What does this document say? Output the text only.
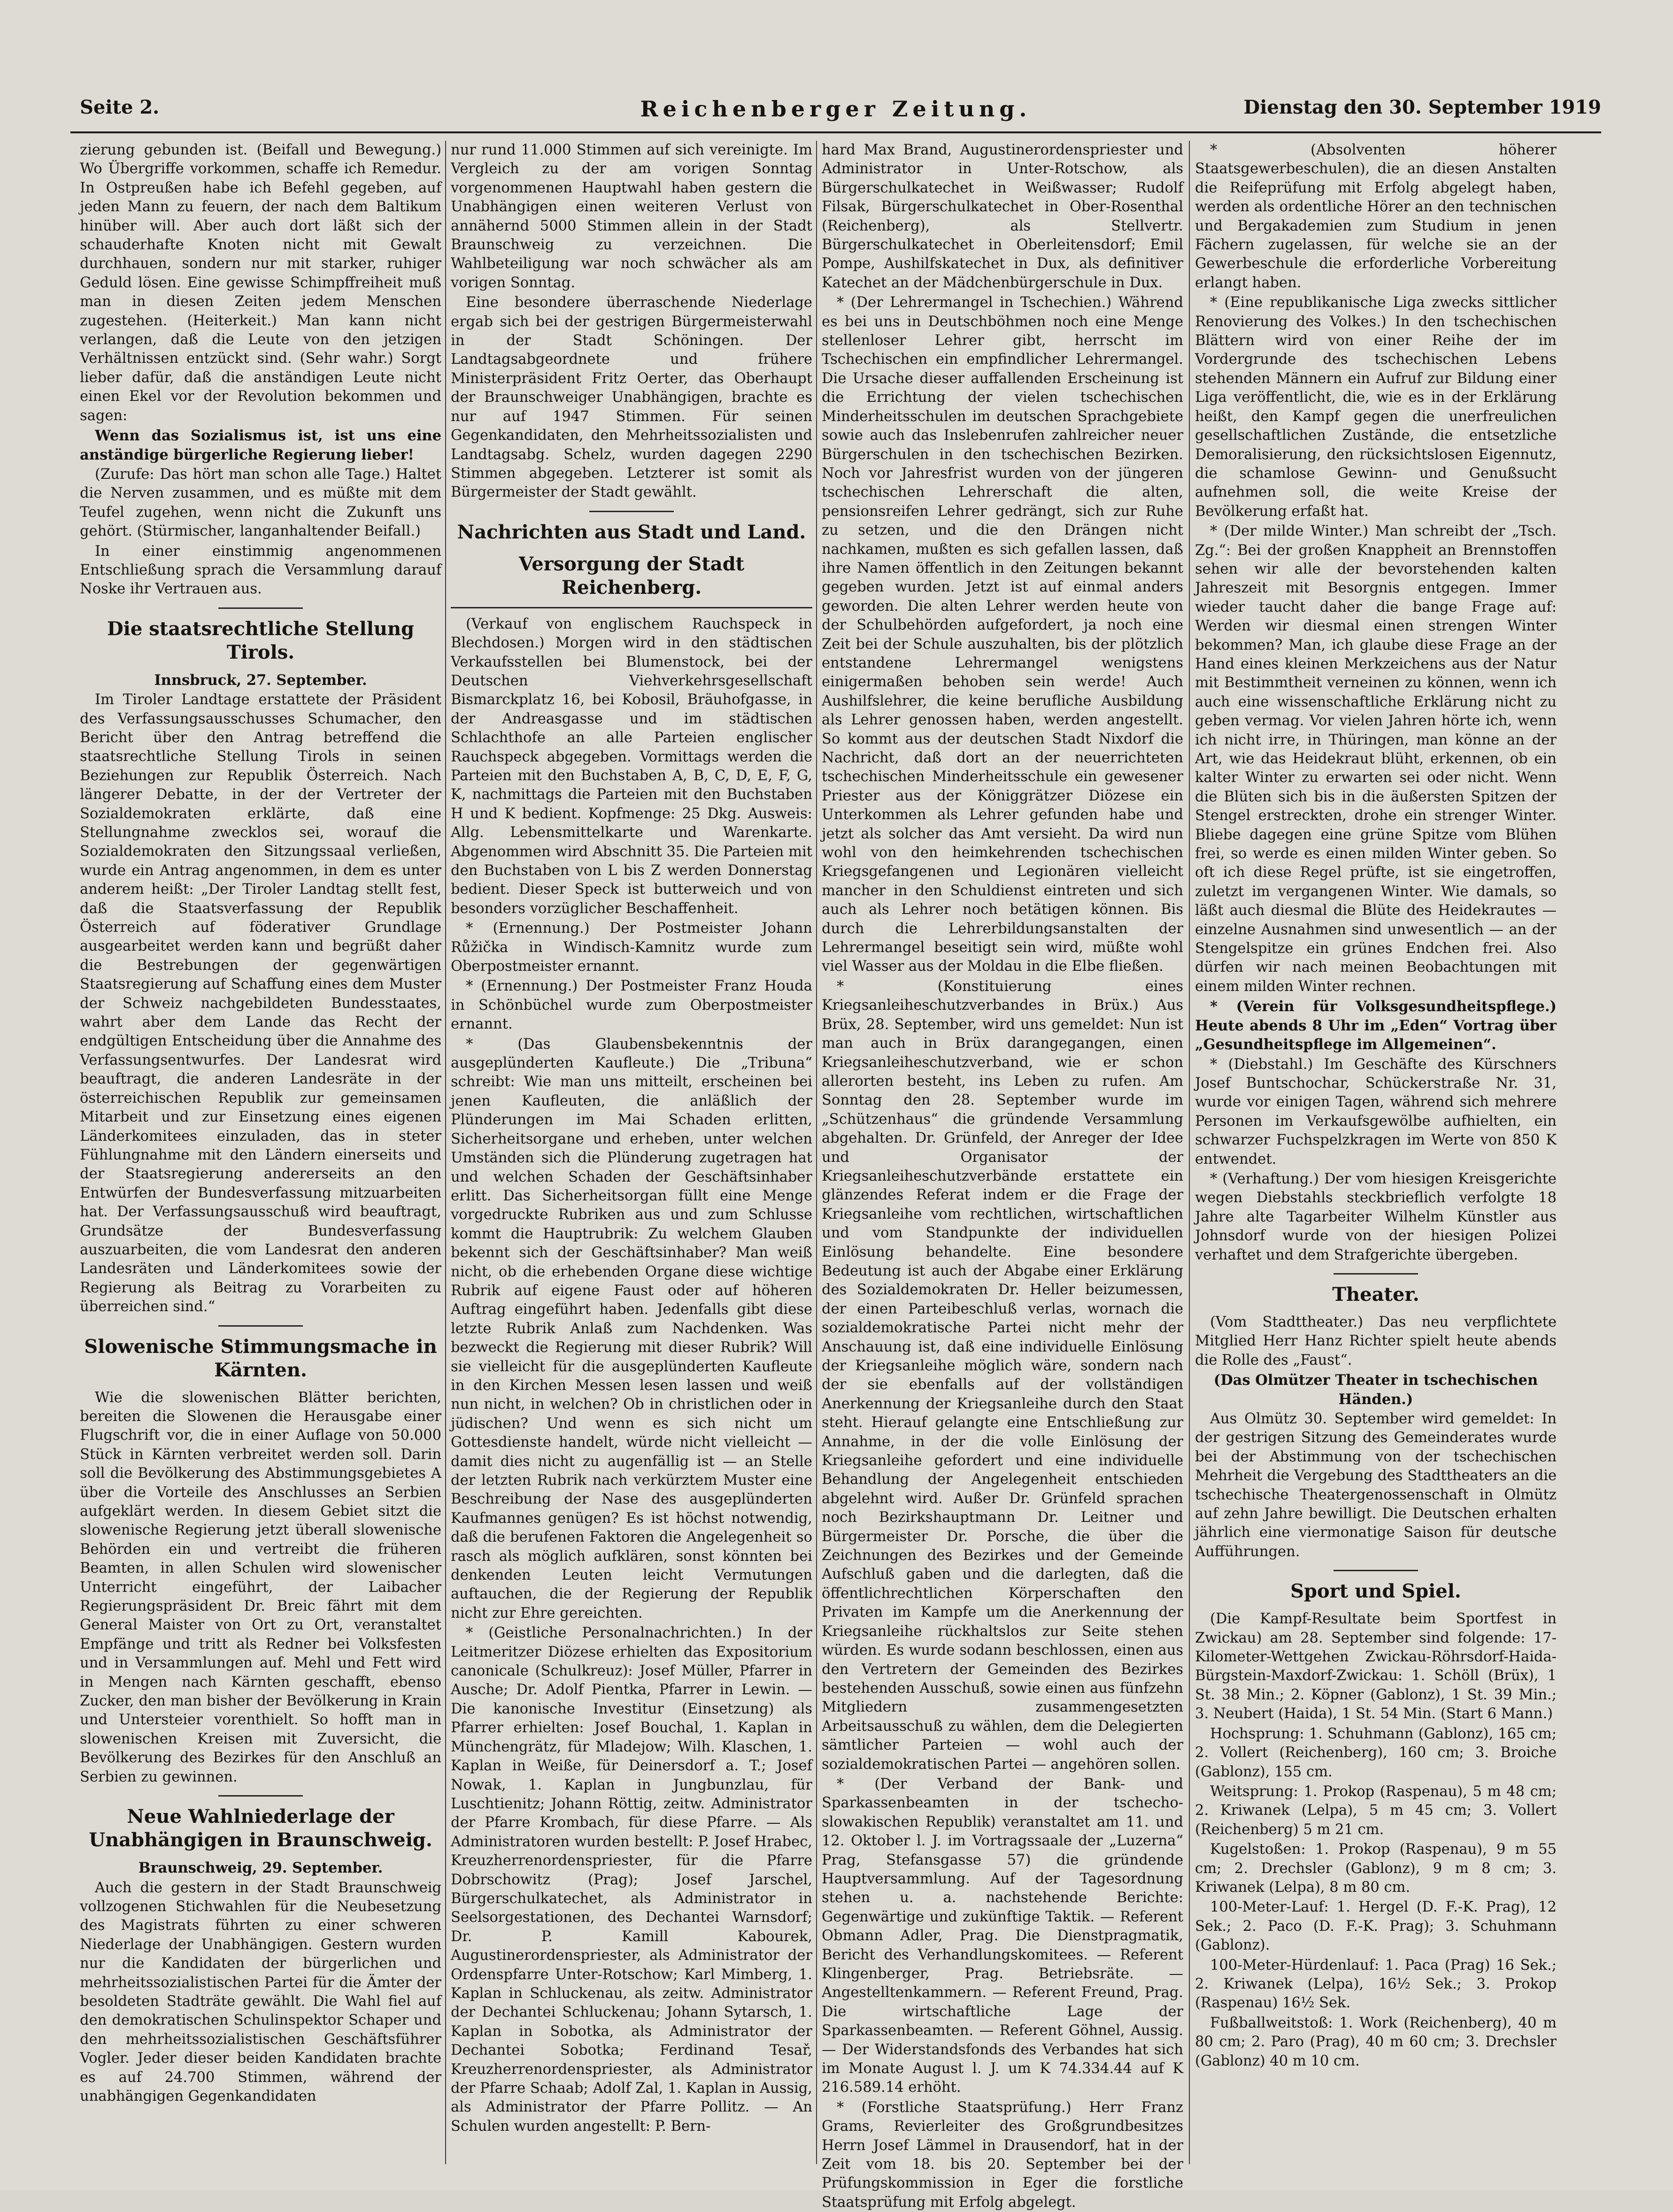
Seite 2.	Reichenberger Zeitung.	Dienstag den 30. September 1919

zierung gebunden ist. (Beifall und Bewegung.) Wo Übergriffe vorkommen, schaffe ich Remedur. In Ostpreußen habe ich Befehl gegeben, auf jeden Mann zu feuern, der nach dem Baltikum hinüber will. Aber auch dort läßt sich der schauderhafte Knoten nicht mit Gewalt durchhauen, sondern nur mit starker, ruhiger Geduld lösen. Eine gewisse Schimpffreiheit muß man in diesen Zeiten jedem Menschen zugestehen. (Heiterkeit.) Man kann nicht verlangen, daß die Leute von den jetzigen Verhältnissen entzückt sind. (Sehr wahr.) Sorgt lieber dafür, daß die anständigen Leute nicht einen Ekel vor der Revolution bekommen und sagen:

Wenn das Sozialismus ist, ist uns eine anständige bürgerliche Regierung lieber!

(Zurufe: Das hört man schon alle Tage.) Haltet die Nerven zusammen, und es müßte mit dem Teufel zugehen, wenn nicht die Zukunft uns gehört. (Stürmischer, langanhaltender Beifall.)

In einer einstimmig angenommenen Entschließung sprach die Versammlung darauf Noske ihr Vertrauen aus.

Die staatsrechtliche Stellung Tirols.

Innsbruck, 27. September.

Im Tiroler Landtage erstattete der Präsident des Verfassungsausschusses Schumacher, den Bericht über den Antrag betreffend die staatsrechtliche Stellung Tirols in seinen Beziehungen zur Republik Österreich. Nach längerer Debatte, in der der Vertreter der Sozialdemokraten erklärte, daß eine Stellungnahme zwecklos sei, worauf die Sozialdemokraten den Sitzungssaal verließen, wurde ein Antrag angenommen, in dem es unter anderem heißt: „Der Tiroler Landtag stellt fest, daß die Staatsverfassung der Republik Österreich auf föderativer Grundlage ausgearbeitet werden kann und begrüßt daher die Bestrebungen der gegenwärtigen Staatsregierung auf Schaffung eines dem Muster der Schweiz nachgebildeten Bundesstaates, wahrt aber dem Lande das Recht der endgültigen Entscheidung über die Annahme des Verfassungsentwurfes. Der Landesrat wird beauftragt, die anderen Landesräte in der österreichischen Republik zur gemeinsamen Mitarbeit und zur Einsetzung eines eigenen Länderkomitees einzuladen, das in steter Fühlungnahme mit den Ländern einerseits und der Staatsregierung andererseits an den Entwürfen der Bundesverfassung mitzuarbeiten hat. Der Verfassungsausschuß wird beauftragt, Grundsätze der Bundesverfassung auszuarbeiten, die vom Landesrat den anderen Landesräten und Länderkomitees sowie der Regierung als Beitrag zu Vorarbeiten zu überreichen sind.“

Slowenische Stimmungsmache in Kärnten.

Wie die slowenischen Blätter berichten, bereiten die Slowenen die Herausgabe einer Flugschrift vor, die in einer Auflage von 50.000 Stück in Kärnten verbreitet werden soll. Darin soll die Bevölkerung des Abstimmungsgebietes A über die Vorteile des Anschlusses an Serbien aufgeklärt werden. In diesem Gebiet sitzt die slowenische Regierung jetzt überall slowenische Behörden ein und vertreibt die früheren Beamten, in allen Schulen wird slowenischer Unterricht eingeführt, der Laibacher Regierungspräsident Dr. Breic fährt mit dem General Maister von Ort zu Ort, veranstaltet Empfänge und tritt als Redner bei Volksfesten und in Versammlungen auf. Mehl und Fett wird in Mengen nach Kärnten geschafft, ebenso Zucker, den man bisher der Bevölkerung in Krain und Untersteier vorenthielt. So hofft man in slowenischen Kreisen mit Zuversicht, die Bevölkerung des Bezirkes für den Anschluß an Serbien zu gewinnen.

Neue Wahlniederlage der Unabhängigen in Braunschweig.

Braunschweig, 29. September.

Auch die gestern in der Stadt Braunschweig vollzogenen Stichwahlen für die Neubesetzung des Magistrats führten zu einer schweren Niederlage der Unabhängigen. Gestern wurden nur die Kandidaten der bürgerlichen und mehrheitssozialistischen Partei für die Ämter der besoldeten Stadträte gewählt. Die Wahl fiel auf den demokratischen Schulinspektor Schaper und den mehrheitssozialistischen Geschäftsführer Vogler. Jeder dieser beiden Kandidaten brachte es auf 24.700 Stimmen, während der unabhängigen Gegenkandidaten

nur rund 11.000 Stimmen auf sich vereinigte. Im Vergleich zu der am vorigen Sonntag vorgenommenen Hauptwahl haben gestern die Unabhängigen einen weiteren Verlust von annähernd 5000 Stimmen allein in der Stadt Braunschweig zu verzeichnen. Die Wahlbeteiligung war noch schwächer als am vorigen Sonntag.

Eine besondere überraschende Niederlage ergab sich bei der gestrigen Bürgermeisterwahl in der Stadt Schöningen. Der Landtagsabgeordnete und frühere Ministerpräsident Fritz Oerter, das Oberhaupt der Braunschweiger Unabhängigen, brachte es nur auf 1947 Stimmen. Für seinen Gegenkandidaten, den Mehrheitssozialisten und Landtagsabg. Schelz, wurden dagegen 2290 Stimmen abgegeben. Letzterer ist somit als Bürgermeister der Stadt gewählt.

Nachrichten aus Stadt und Land.
Versorgung der Stadt Reichenberg.

(Verkauf von englischem Rauchspeck in Blechdosen.) Morgen wird in den städtischen Verkaufsstellen bei Blumenstock, bei der Deutschen Viehverkehrsgesellschaft Bismarckplatz 16, bei Kobosil, Bräuhofgasse, in der Andreasgasse und im städtischen Schlachthofe an alle Parteien englischer Rauchspeck abgegeben. Vormittags werden die Parteien mit den Buchstaben A, B, C, D, E, F, G, K, nachmittags die Parteien mit den Buchstaben H und K bedient. Kopfmenge: 25 Dkg. Ausweis: Allg. Lebensmittelkarte und Warenkarte. Abgenommen wird Abschnitt 35. Die Parteien mit den Buchstaben von L bis Z werden Donnerstag bedient. Dieser Speck ist butterweich und von besonders vorzüglicher Beschaffenheit.

* (Ernennung.) Der Postmeister Johann Růžička in Windisch-Kamnitz wurde zum Oberpostmeister ernannt.

* (Ernennung.) Der Postmeister Franz Houda in Schönbüchel wurde zum Oberpostmeister ernannt.

* (Das Glaubensbekenntnis der ausgeplünderten Kaufleute.) Die „Tribuna“ schreibt: Wie man uns mitteilt, erscheinen bei jenen Kaufleuten, die anläßlich der Plünderungen im Mai Schaden erlitten, Sicherheitsorgane und erheben, unter welchen Umständen sich die Plünderung zugetragen hat und welchen Schaden der Geschäftsinhaber erlitt. Das Sicherheitsorgan füllt eine Menge vorgedruckte Rubriken aus und zum Schlusse kommt die Hauptrubrik: Zu welchem Glauben bekennt sich der Geschäftsinhaber? Man weiß nicht, ob die erhebenden Organe diese wichtige Rubrik auf eigene Faust oder auf höheren Auftrag eingeführt haben. Jedenfalls gibt diese letzte Rubrik Anlaß zum Nachdenken. Was bezweckt die Regierung mit dieser Rubrik? Will sie vielleicht für die ausgeplünderten Kaufleute in den Kirchen Messen lesen lassen und weiß nun nicht, in welchen? Ob in christlichen oder in jüdischen? Und wenn es sich nicht um Gottesdienste handelt, würde nicht vielleicht — damit dies nicht zu augenfällig ist — an Stelle der letzten Rubrik nach verkürztem Muster eine Beschreibung der Nase des ausgeplünderten Kaufmannes genügen? Es ist höchst notwendig, daß die berufenen Faktoren die Angelegenheit so rasch als möglich aufklären, sonst könnten bei denkenden Leuten leicht Vermutungen auftauchen, die der Regierung der Republik nicht zur Ehre gereichten.

* (Geistliche Personalnachrichten.) In der Leitmeritzer Diözese erhielten das Expositorium canonicale (Schulkreuz): Josef Müller, Pfarrer in Ausche; Dr. Adolf Pientka, Pfarrer in Lewin. — Die kanonische Investitur (Einsetzung) als Pfarrer erhielten: Josef Bouchal, 1. Kaplan in Münchengrätz, für Mladejow; Wilh. Klaschen, 1. Kaplan in Weiße, für Deinersdorf a. T.; Josef Nowak, 1. Kaplan in Jungbunzlau, für Luschtienitz; Johann Röttig, zeitw. Administrator der Pfarre Krombach, für diese Pfarre. — Als Administratoren wurden bestellt: P. Josef Hrabec, Kreuzherrenordenspriester, für die Pfarre Dobrschowitz (Prag); Josef Jarschel, Bürgerschulkatechet, als Administrator in Seelsorgestationen, des Dechantei Warnsdorf; Dr. P. Kamill Kabourek, Augustinerordenspriester, als Administrator der Ordenspfarre Unter-Rotschow; Karl Mimberg, 1. Kaplan in Schluckenau, als zeitw. Administrator der Dechantei Schluckenau; Johann Sytarsch, 1. Kaplan in Sobotka, als Administrator der Dechantei Sobotka; Ferdinand Tesař, Kreuzherrenordenspriester, als Administrator der Pfarre Schaab; Adolf Zal, 1. Kaplan in Aussig, als Administrator der Pfarre Pollitz. — An Schulen wurden angestellt: P. Bern-

hard Max Brand, Augustinerordenspriester und Administrator in Unter-Rotschow, als Bürgerschulkatechet in Weißwasser; Rudolf Filsak, Bürgerschulkatechet in Ober-Rosenthal (Reichenberg), als Stellvertr. Bürgerschulkatechet in Oberleitensdorf; Emil Pompe, Aushilfskatechet in Dux, als definitiver Katechet an der Mädchenbürgerschule in Dux.

* (Der Lehrermangel in Tschechien.) Während es bei uns in Deutschböhmen noch eine Menge stellenloser Lehrer gibt, herrscht im Tschechischen ein empfindlicher Lehrermangel. Die Ursache dieser auffallenden Erscheinung ist die Errichtung der vielen tschechischen Minderheitsschulen im deutschen Sprachgebiete sowie auch das Inslebenrufen zahlreicher neuer Bürgerschulen in den tschechischen Bezirken. Noch vor Jahresfrist wurden von der jüngeren tschechischen Lehrerschaft die alten, pensionsreifen Lehrer gedrängt, sich zur Ruhe zu setzen, und die den Drängen nicht nachkamen, mußten es sich gefallen lassen, daß ihre Namen öffentlich in den Zeitungen bekannt gegeben wurden. Jetzt ist auf einmal anders geworden. Die alten Lehrer werden heute von der Schulbehörden aufgefordert, ja noch eine Zeit bei der Schule auszuhalten, bis der plötzlich entstandene Lehrermangel wenigstens einigermaßen behoben sein werde! Auch Aushilfslehrer, die keine berufliche Ausbildung als Lehrer genossen haben, werden angestellt. So kommt aus der deutschen Stadt Nixdorf die Nachricht, daß dort an der neuerrichteten tschechischen Minderheitsschule ein gewesener Priester aus der Königgrätzer Diözese ein Unterkommen als Lehrer gefunden habe und jetzt als solcher das Amt versieht. Da wird nun wohl von den heimkehrenden tschechischen Kriegsgefangenen und Legionären vielleicht mancher in den Schuldienst eintreten und sich auch als Lehrer noch betätigen können. Bis durch die Lehrerbildungsanstalten der Lehrermangel beseitigt sein wird, müßte wohl viel Wasser aus der Moldau in die Elbe fließen.

* (Konstituierung eines Kriegsanleiheschutzverbandes in Brüx.) Aus Brüx, 28. September, wird uns gemeldet: Nun ist man auch in Brüx darangegangen, einen Kriegsanleiheschutzverband, wie er schon allerorten besteht, ins Leben zu rufen. Am Sonntag den 28. September wurde im „Schützenhaus“ die gründende Versammlung abgehalten. Dr. Grünfeld, der Anreger der Idee und Organisator der Kriegsanleiheschutzverbände erstattete ein glänzendes Referat indem er die Frage der Kriegsanleihe vom rechtlichen, wirtschaftlichen und vom Standpunkte der individuellen Einlösung behandelte. Eine besondere Bedeutung ist auch der Abgabe einer Erklärung des Sozialdemokraten Dr. Heller beizumessen, der einen Parteibeschluß verlas, wornach die sozialdemokratische Partei nicht mehr der Anschauung ist, daß eine individuelle Einlösung der Kriegsanleihe möglich wäre, sondern nach der sie ebenfalls auf der vollständigen Anerkennung der Kriegsanleihe durch den Staat steht. Hierauf gelangte eine Entschließung zur Annahme, in der die volle Einlösung der Kriegsanleihe gefordert und eine individuelle Behandlung der Angelegenheit entschieden abgelehnt wird. Außer Dr. Grünfeld sprachen noch Bezirkshauptmann Dr. Leitner und Bürgermeister Dr. Porsche, die über die Zeichnungen des Bezirkes und der Gemeinde Aufschluß gaben und die darlegten, daß die öffentlichrechtlichen Körperschaften den Privaten im Kampfe um die Anerkennung der Kriegsanleihe rückhaltslos zur Seite stehen würden. Es wurde sodann beschlossen, einen aus den Vertretern der Gemeinden des Bezirkes bestehenden Ausschuß, sowie einen aus fünfzehn Mitgliedern zusammengesetzten Arbeitsausschuß zu wählen, dem die Delegierten sämtlicher Parteien — wohl auch der sozialdemokratischen Partei — angehören sollen.

* (Der Verband der Bank- und Sparkassenbeamten in der tschecho-slowakischen Republik) veranstaltet am 11. und 12. Oktober l. J. im Vortragssaale der „Luzerna“ Prag, Stefansgasse 57) die gründende Hauptversammlung. Auf der Tagesordnung stehen u. a. nachstehende Berichte: Gegenwärtige und zukünftige Taktik. — Referent Obmann Adler, Prag. Die Dienstpragmatik, Bericht des Verhandlungskomitees. — Referent Klingenberger, Prag. Betriebsräte. — Angestelltenkammern. — Referent Freund, Prag. Die wirtschaftliche Lage der Sparkassenbeamten. — Referent Göhnel, Aussig. — Der Widerstandsfonds des Verbandes hat sich im Monate August l. J. um K 74.334.44 auf K 216.589.14 erhöht.

* (Forstliche Staatsprüfung.) Herr Franz Grams, Revierleiter des Großgrundbesitzes Herrn Josef Lämmel in Drausendorf, hat in der Zeit vom 18. bis 20. September bei der Prüfungskommission in Eger die forstliche Staatsprüfung mit Erfolg abgelegt.

* (Absolventen höherer Staatsgewerbeschulen), die an diesen Anstalten die Reifeprüfung mit Erfolg abgelegt haben, werden als ordentliche Hörer an den technischen und Bergakademien zum Studium in jenen Fächern zugelassen, für welche sie an der Gewerbeschule die erforderliche Vorbereitung erlangt haben.

* (Eine republikanische Liga zwecks sittlicher Renovierung des Volkes.) In den tschechischen Blättern wird von einer Reihe der im Vordergrunde des tschechischen Lebens stehenden Männern ein Aufruf zur Bildung einer Liga veröffentlicht, die, wie es in der Erklärung heißt, den Kampf gegen die unerfreulichen gesellschaftlichen Zustände, die entsetzliche Demoralisierung, den rücksichtslosen Eigennutz, die schamlose Gewinn- und Genußsucht aufnehmen soll, die weite Kreise der Bevölkerung erfaßt hat.

* (Der milde Winter.) Man schreibt der „Tsch. Zg.“: Bei der großen Knappheit an Brennstoffen sehen wir alle der bevorstehenden kalten Jahreszeit mit Besorgnis entgegen. Immer wieder taucht daher die bange Frage auf: Werden wir diesmal einen strengen Winter bekommen? Man, ich glaube diese Frage an der Hand eines kleinen Merkzeichens aus der Natur mit Bestimmtheit verneinen zu können, wenn ich auch eine wissenschaftliche Erklärung nicht zu geben vermag. Vor vielen Jahren hörte ich, wenn ich nicht irre, in Thüringen, man könne an der Art, wie das Heidekraut blüht, erkennen, ob ein kalter Winter zu erwarten sei oder nicht. Wenn die Blüten sich bis in die äußersten Spitzen der Stengel erstreckten, drohe ein strenger Winter. Bliebe dagegen eine grüne Spitze vom Blühen frei, so werde es einen milden Winter geben. So oft ich diese Regel prüfte, ist sie eingetroffen, zuletzt im vergangenen Winter. Wie damals, so läßt auch diesmal die Blüte des Heidekrautes — einzelne Ausnahmen sind unwesentlich — an der Stengelspitze ein grünes Endchen frei. Also dürfen wir nach meinen Beobachtungen mit einem milden Winter rechnen.

* (Verein für Volksgesundheitspflege.) Heute abends 8 Uhr im „Eden“ Vortrag über „Gesundheitspflege im Allgemeinen“.

* (Diebstahl.) Im Geschäfte des Kürschners Josef Buntschochar, Schückerstraße Nr. 31, wurde vor einigen Tagen, während sich mehrere Personen im Verkaufsgewölbe aufhielten, ein schwarzer Fuchspelzkragen im Werte von 850 K entwendet.

* (Verhaftung.) Der vom hiesigen Kreisgerichte wegen Diebstahls steckbrieflich verfolgte 18 Jahre alte Tagarbeiter Wilhelm Künstler aus Johnsdorf wurde von der hiesigen Polizei verhaftet und dem Strafgerichte übergeben.

Theater.

(Vom Stadttheater.) Das neu verpflichtete Mitglied Herr Hanz Richter spielt heute abends die Rolle des „Faust“.

(Das Olmützer Theater in tschechischen Händen.)

Aus Olmütz 30. September wird gemeldet: In der gestrigen Sitzung des Gemeinderates wurde bei der Abstimmung von der tschechischen Mehrheit die Vergebung des Stadttheaters an die tschechische Theatergenossenschaft in Olmütz auf zehn Jahre bewilligt. Die Deutschen erhalten jährlich eine viermonatige Saison für deutsche Aufführungen.

Sport und Spiel.

(Die Kampf-Resultate beim Sportfest in Zwickau) am 28. September sind folgende: 17-Kilometer-Wettgehen Zwickau-Röhrsdorf-Haida-Bürgstein-Maxdorf-Zwickau: 1. Schöll (Brüx), 1 St. 38 Min.; 2. Köpner (Gablonz), 1 St. 39 Min.; 3. Neubert (Haida), 1 St. 54 Min. (Start 6 Mann.)

Hochsprung: 1. Schuhmann (Gablonz), 165 cm; 2. Vollert (Reichenberg), 160 cm; 3. Broiche (Gablonz), 155 cm.

Weitsprung: 1. Prokop (Raspenau), 5 m 48 cm; 2. Kriwanek (Lelpa), 5 m 45 cm; 3. Vollert (Reichenberg) 5 m 21 cm.

Kugelstoßen: 1. Prokop (Raspenau), 9 m 55 cm; 2. Drechsler (Gablonz), 9 m 8 cm; 3. Kriwanek (Lelpa), 8 m 80 cm.

100-Meter-Lauf: 1. Hergel (D. F.-K. Prag), 12 Sek.; 2. Paco (D. F.-K. Prag); 3. Schuhmann (Gablonz).

100-Meter-Hürdenlauf: 1. Paca (Prag) 16 Sek.; 2. Kriwanek (Lelpa), 16½ Sek.; 3. Prokop (Raspenau) 16½ Sek.

Fußballweitstoß: 1. Work (Reichenberg), 40 m 80 cm; 2. Paro (Prag), 40 m 60 cm; 3. Drechsler (Gablonz) 40 m 10 cm.
